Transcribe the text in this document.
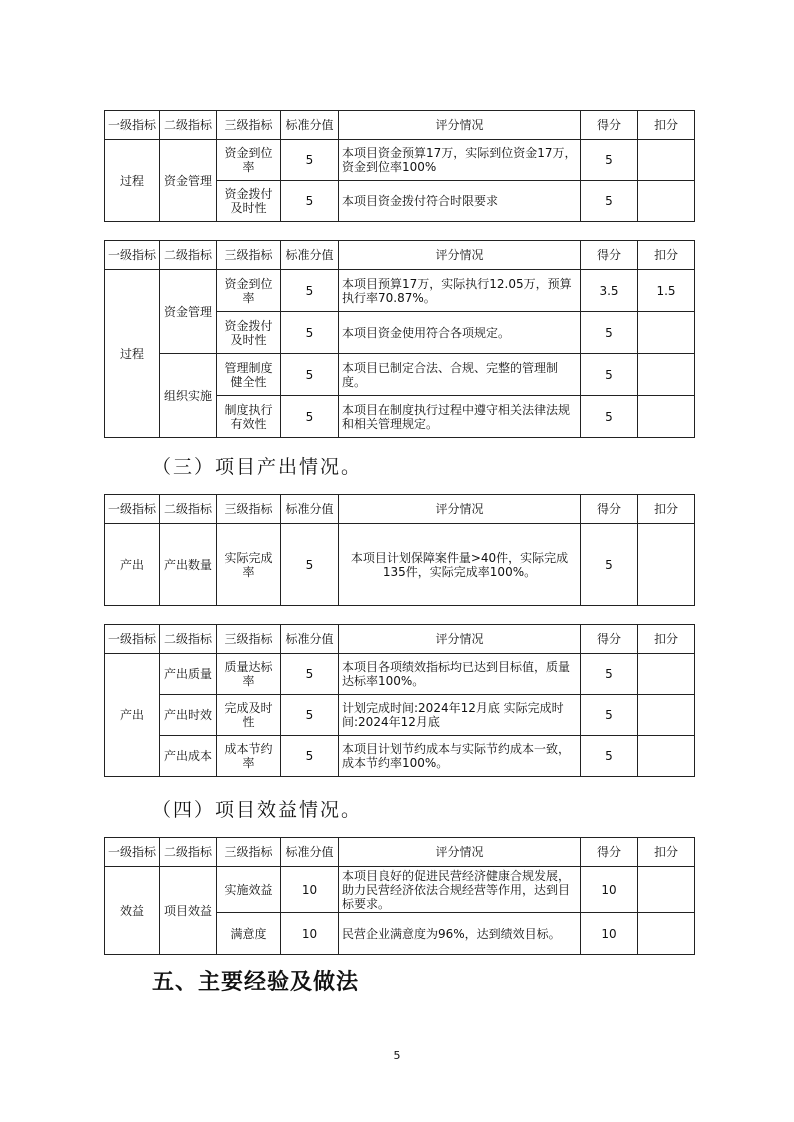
一级指标	二级指标	三级指标	标准分值	评分情况	得分	扣分
过程	资金管理	资金到位率	5	本项目资金预算17万，实际到位资金17万，资金到位率100%	5	
		资金拨付及时性	5	本项目资金拨付符合时限要求	5	
一级指标	二级指标	三级指标	标准分值	评分情况	得分	扣分
过程	资金管理	资金到位率	5	本项目预算17万，实际执行12.05万，预算执行率70.87%。	3.5	1.5
		资金拨付及时性	5	本项目资金使用符合各项规定。	5	
	组织实施	管理制度健全性	5	本项目已制定合法、合规、完整的管理制度。	5	
		制度执行有效性	5	本项目在制度执行过程中遵守相关法律法规和相关管理规定。	5	

（三）项目产出情况。

一级指标	二级指标	三级指标	标准分值	评分情况	得分	扣分
产出	产出数量	实际完成率	5	本项目计划保障案件量>40件，实际完成135件，实际完成率100%。	5	
一级指标	二级指标	三级指标	标准分值	评分情况	得分	扣分
产出	产出质量	质量达标率	5	本项目各项绩效指标均已达到目标值，质量达标率100%。	5	
	产出时效	完成及时性	5	计划完成时间:2024年12月底 实际完成时间:2024年12月底	5	
	产出成本	成本节约率	5	本项目计划节约成本与实际节约成本一致，成本节约率100%。	5	

（四）项目效益情况。

一级指标	二级指标	三级指标	标准分值	评分情况	得分	扣分
效益	项目效益	实施效益	10	本项目良好的促进民营经济健康合规发展，助力民营经济依法合规经营等作用，达到目标要求。	10	
		满意度	10	民营企业满意度为96%，达到绩效目标。	10	

五、主要经验及做法

5
